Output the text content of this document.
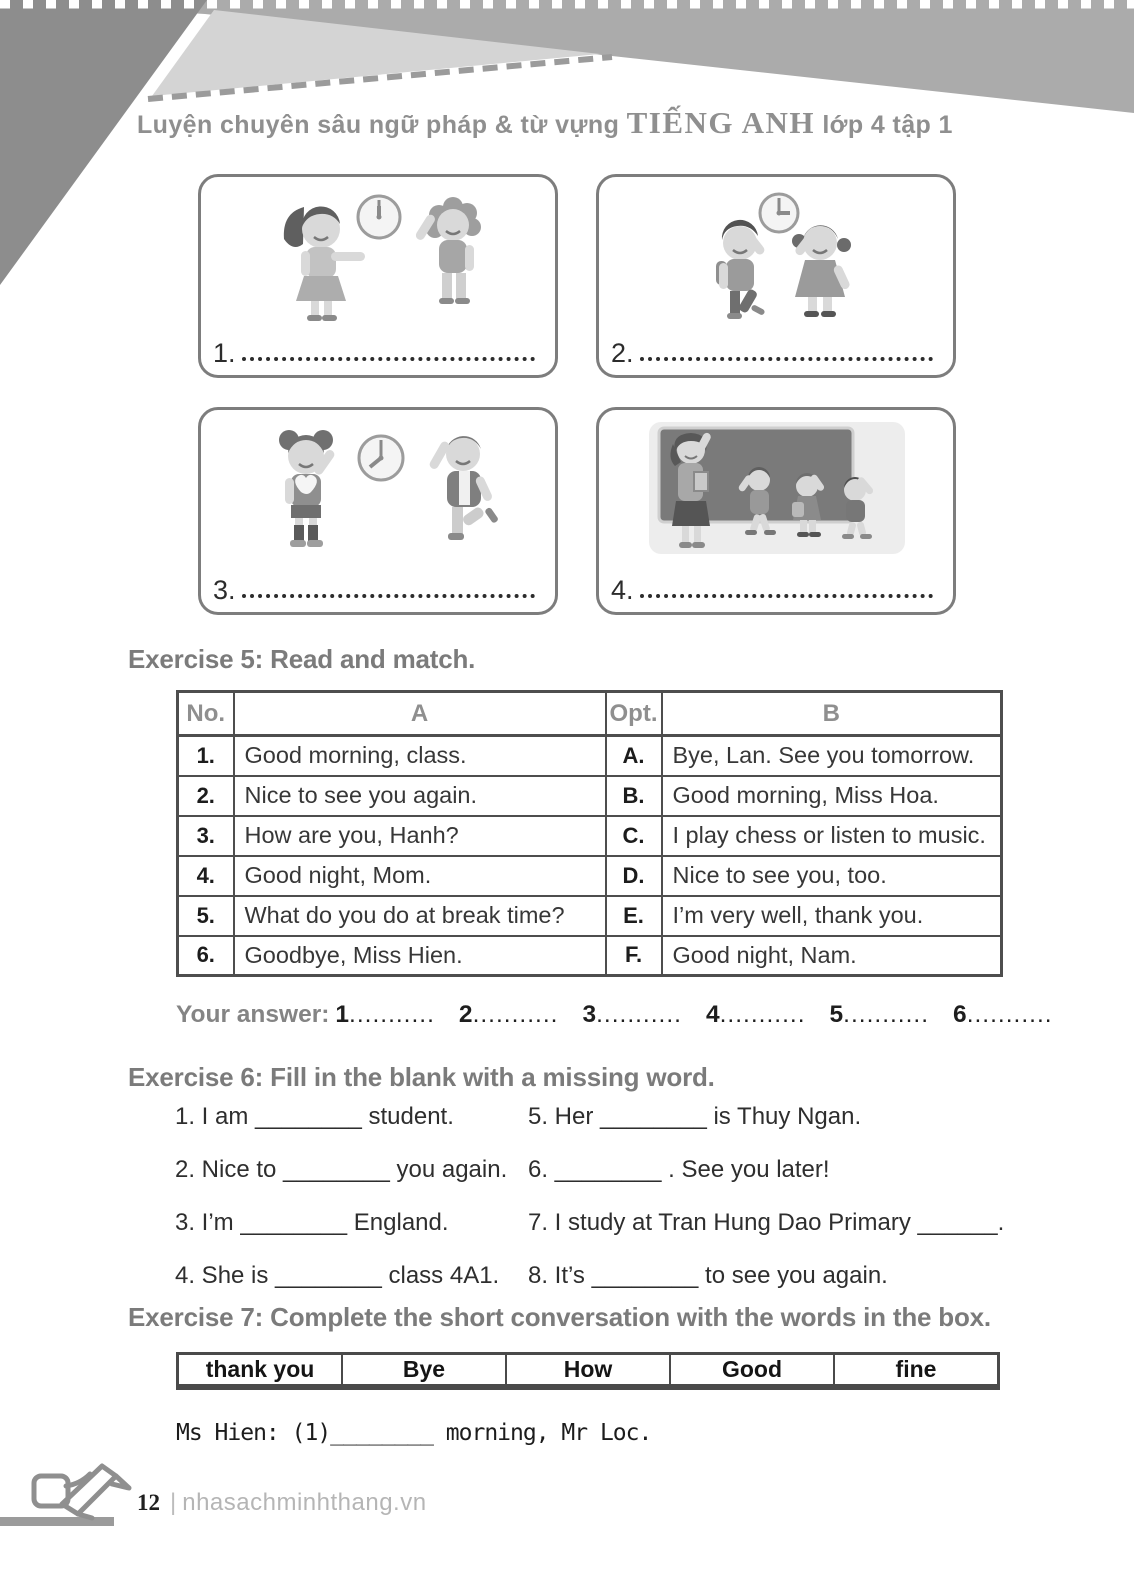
Luyện chuyên sâu ngữ pháp & từ vựng TIẾNG ANH lớp 4 tập 1
1.	2.
3.	4.
Exercise 5: Read and match.
No.	A	Opt.	B
1.	Good morning, class.	A.	Bye, Lan. See you tomorrow.
2.	Nice to see you again.	B.	Good morning, Miss Hoa.
3.	How are you, Hanh?	C.	I play chess or listen to music.
4.	Good night, Mom.	D.	Nice to see you, too.
5.	What do you do at break time?	E.	I’m very well, thank you.
6.	Goodbye, Miss Hien.	F.	Good night, Nam.
Your answer: 1........... 2........... 3........... 4........... 5........... 6...........
Exercise 6: Fill in the blank with a missing word.
1. I am ________ student.	5. Her ________ is Thuy Ngan.
2. Nice to ________ you again. 6. ________ . See you later!
3. I’m ________ England.	7. I study at Tran Hung Dao Primary ______.
4. She is ________ class 4A1.	8. It’s ________ to see you again.
Exercise 7: Complete the short conversation with the words in the box.
thank you	Bye	How	Good	fine
Ms Hien: (1)________ morning, Mr Loc.
12 | nhasachminhthang.vn
